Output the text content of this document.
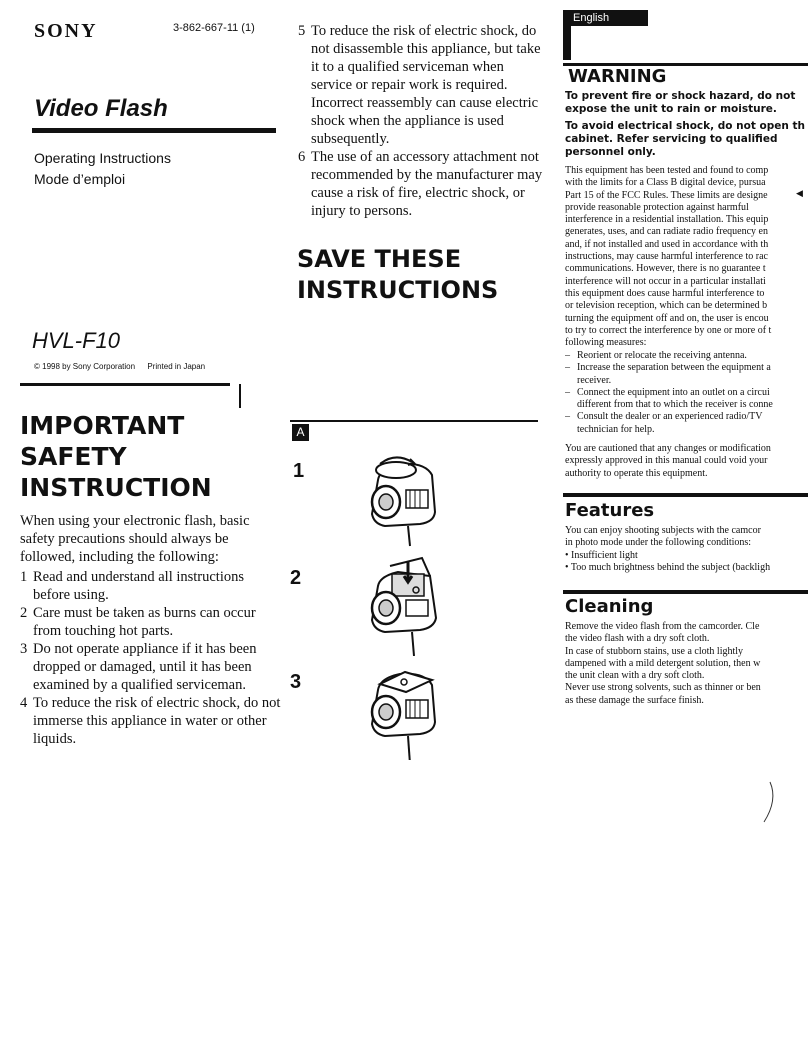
SONY	3-862-667-11 (1)
Video Flash
Operating Instructions
Mode d’emploi
HVL-F10
© 1998 by Sony Corporation Printed in Japan
IMPORTANT
SAFETY
INSTRUCTION
When using your electronic flash, basic safety precautions should always be followed, including the following:
1 Read and understand all instructions before using.
2 Care must be taken as burns can occur from touching hot parts.
3 Do not operate appliance if it has been dropped or damaged, until it has been examined by a qualified serviceman.
4 To reduce the risk of electric shock, do not immerse this appliance in water or other liquids.
5 To reduce the risk of electric shock, do not disassemble this appliance, but take it to a qualified serviceman when service or repair work is required. Incorrect reassembly can cause electric shock when the appliance is used subsequently.
6 The use of an accessory attachment not recommended by the manufacturer may cause a risk of fire, electric shock, or injury to persons.
SAVE THESE
INSTRUCTIONS
A
1
2
3
English
WARNING
To prevent fire or shock hazard, do not
expose the unit to rain or moisture.
To avoid electrical shock, do not open th
cabinet. Refer servicing to qualified
personnel only.
◀
This equipment has been tested and found to comp
with the limits for a Class B digital device, pursua
Part 15 of the FCC Rules. These limits are designe
provide reasonable protection against harmful
interference in a residential installation. This equip
generates, uses, and can radiate radio frequency en
and, if not installed and used in accordance with th
instructions, may cause harmful interference to rac
communications. However, there is no guarantee t
interference will not occur in a particular installati
this equipment does cause harmful interference to
or television reception, which can be determined b
turning the equipment off and on, the user is encou
to try to correct the interference by one or more of t
following measures:
– Reorient or relocate the receiving antenna.
– Increase the separation between the equipment a
receiver.
– Connect the equipment into an outlet on a circui
different from that to which the receiver is conne
– Consult the dealer or an experienced radio/TV
technician for help.
You are cautioned that any changes or modification
expressly approved in this manual could void your
authority to operate this equipment.
Features
You can enjoy shooting subjects with the camcor
in photo mode under the following conditions:
• Insufficient light
• Too much brightness behind the subject (backligh
Cleaning
Remove the video flash from the camcorder. Cle
the video flash with a dry soft cloth.
In case of stubborn stains, use a cloth lightly
dampened with a mild detergent solution, then w
the unit clean with a dry soft cloth.
Never use strong solvents, such as thinner or ben
as these damage the surface finish.
